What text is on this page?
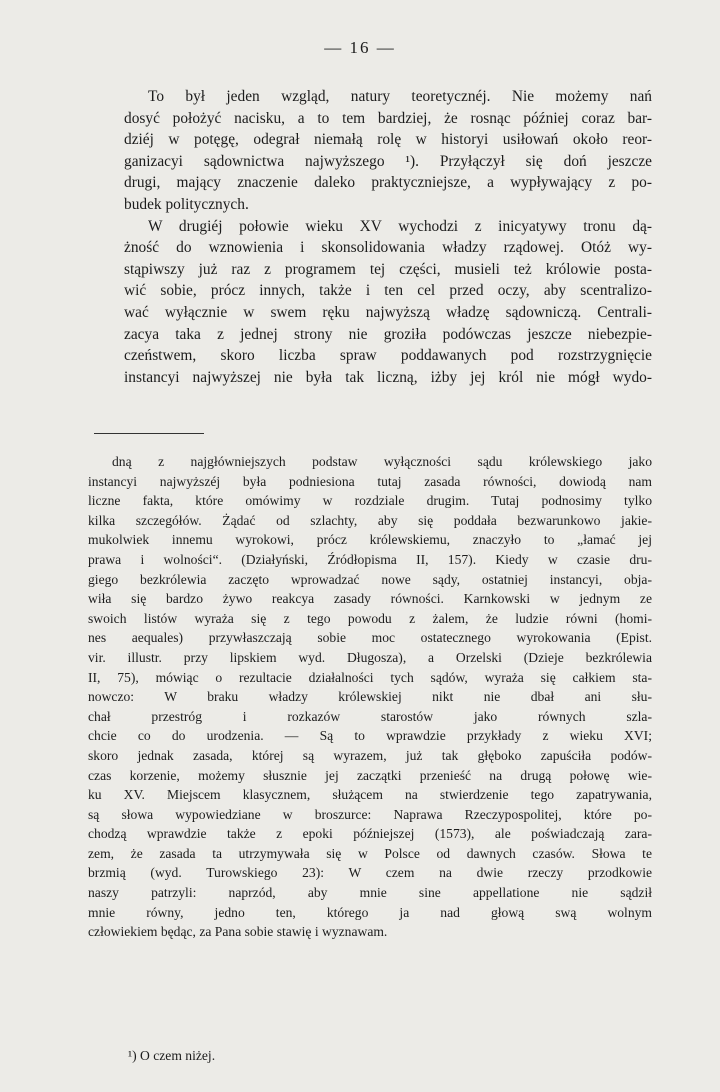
— 16 —
To był jeden wzgląd, natury teoretycznéj. Nie możemy nań
dosyć położyć nacisku, a to tem bardziej, że rosnąc później coraz bar-
dziéj w potęgę, odegrał niemałą rolę w historyi usiłowań około reor-
ganizacyi sądownictwa najwyższego ¹). Przyłączył się doń jeszcze
drugi, mający znaczenie daleko praktyczniejsze, a wypływający z po-
budek politycznych.
W drugiéj połowie wieku XV wychodzi z inicyatywy tronu dą-
żność do wznowienia i skonsolidowania władzy rządowej. Otóż wy-
stąpiwszy już raz z programem tej części, musieli też królowie posta-
wić sobie, prócz innych, także i ten cel przed oczy, aby scentralizo-
wać wyłącznie w swem ręku najwyższą władzę sądowniczą. Centrali-
zacya taka z jednej strony nie groziła podówczas jeszcze niebezpie-
czeństwem, skoro liczba spraw poddawanych pod rozstrzygnięcie
instancyi najwyższej nie była tak liczną, iżby jej król nie mógł wydo-
dną z najgłówniejszych podstaw wyłączności sądu królewskiego jako
instancyi najwyższéj była podniesiona tutaj zasada równości, dowiodą nam
liczne fakta, które omówimy w rozdziale drugim. Tutaj podnosimy tylko
kilka szczegółów. Żądać od szlachty, aby się poddała bezwarunkowo jakie-
mukolwiek innemu wyrokowi, prócz królewskiemu, znaczyło to „łamać jej
prawa i wolności“. (Działyński, Źródłopisma II, 157). Kiedy w czasie dru-
giego bezkrólewia zaczęto wprowadzać nowe sądy, ostatniej instancyi, obja-
wiła się bardzo żywo reakcya zasady równości. Karnkowski w jednym ze
swoich listów wyraża się z tego powodu z żalem, że ludzie równi (homi-
nes aequales) przywłaszczają sobie moc ostatecznego wyrokowania (Epist.
vir. illustr. przy lipskiem wyd. Długosza), a Orzelski (Dzieje bezkrólewia
II, 75), mówiąc o rezultacie działalności tych sądów, wyraża się całkiem sta-
nowczo: W braku władzy królewskiej nikt nie dbał ani słu-
chał przestróg i rozkazów starostów jako równych szla-
chcie co do urodzenia. — Są to wprawdzie przykłady z wieku XVI;
skoro jednak zasada, której są wyrazem, już tak głęboko zapuściła podów-
czas korzenie, możemy słusznie jej zaczątki przenieść na drugą połowę wie-
ku XV. Miejscem klasycznem, służącem na stwierdzenie tego zapatrywania,
są słowa wypowiedziane w broszurce: Naprawa Rzeczypospolitej, które po-
chodzą wprawdzie także z epoki późniejszej (1573), ale poświadczają zara-
zem, że zasada ta utrzymywała się w Polsce od dawnych czasów. Słowa te
brzmią (wyd. Turowskiego 23): W czem na dwie rzeczy przodkowie
naszy patrzyli: naprzód, aby mnie sine appellatione nie sądził
mnie równy, jedno ten, którego ja nad głową swą wolnym
człowiekiem będąc, za Pana sobie stawię i wyznawam.
¹) O czem niżej.
